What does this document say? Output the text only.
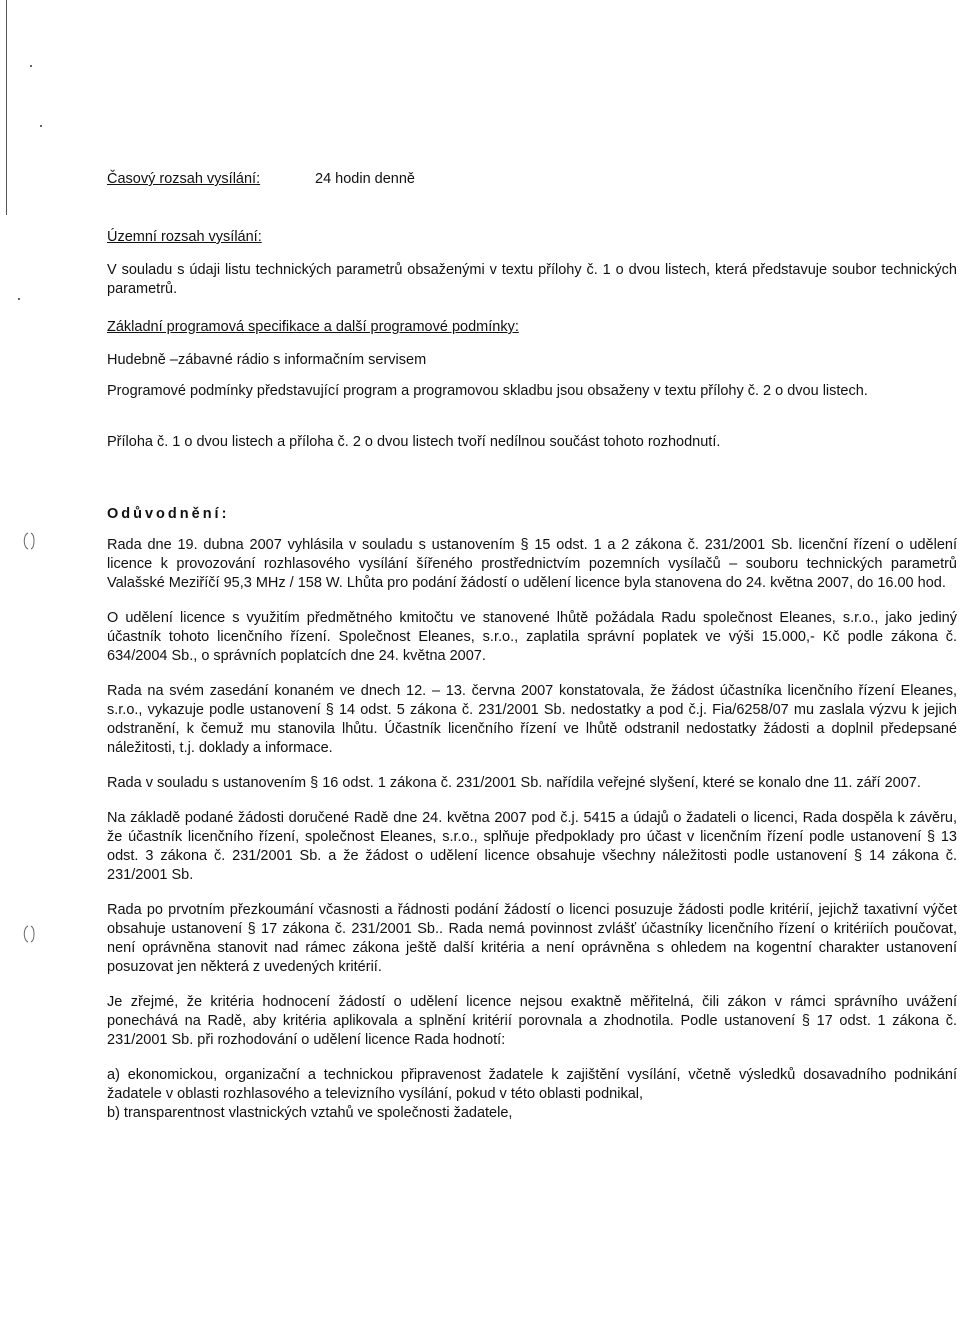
Časový rozsah vysílání:	24 hodin denně

Územní rozsah vysílání:

V souladu s údaji listu technických parametrů obsaženými v textu přílohy č. 1 o dvou listech, která představuje soubor technických parametrů.

Základní programová specifikace a další programové podmínky:

Hudebně –zábavné rádio s informačním servisem

Programové podmínky představující program a programovou skladbu jsou obsaženy v textu přílohy č. 2 o dvou listech.

Příloha č. 1 o dvou listech a příloha č. 2 o dvou listech tvoří nedílnou součást tohoto rozhodnutí.

Odůvodnění:

Rada dne 19. dubna 2007 vyhlásila v souladu s ustanovením § 15 odst. 1 a 2 zákona č. 231/2001 Sb. licenční řízení o udělení licence k provozování rozhlasového vysílání šířeného prostřednictvím pozemních vysílačů – souboru technických parametrů Valašské Meziříčí 95,3 MHz / 158 W. Lhůta pro podání žádostí o udělení licence byla stanovena do 24. května 2007, do 16.00 hod.

O udělení licence s využitím předmětného kmitočtu ve stanovené lhůtě požádala Radu společnost Eleanes, s.r.o., jako jediný účastník tohoto licenčního řízení. Společnost Eleanes, s.r.o., zaplatila správní poplatek ve výši 15.000,- Kč podle zákona č. 634/2004 Sb., o správních poplatcích dne 24. května 2007.

Rada na svém zasedání konaném ve dnech 12. – 13. června 2007 konstatovala, že žádost účastníka licenčního řízení Eleanes, s.r.o., vykazuje podle ustanovení § 14 odst. 5 zákona č. 231/2001 Sb. nedostatky a pod č.j. Fia/6258/07 mu zaslala výzvu k jejich odstranění, k čemuž mu stanovila lhůtu. Účastník licenčního řízení ve lhůtě odstranil nedostatky žádosti a doplnil předepsané náležitosti, t.j. doklady a informace.

Rada v souladu s ustanovením § 16 odst. 1 zákona č. 231/2001 Sb. nařídila veřejné slyšení, které se konalo dne 11. září 2007.

Na základě podané žádosti doručené Radě dne 24. května 2007 pod č.j. 5415 a údajů o žadateli o licenci, Rada dospěla k závěru, že účastník licenčního řízení, společnost Eleanes, s.r.o., splňuje předpoklady pro účast v licenčním řízení podle ustanovení § 13 odst. 3 zákona č. 231/2001 Sb. a že žádost o udělení licence obsahuje všechny náležitosti podle ustanovení § 14 zákona č. 231/2001 Sb.

Rada po prvotním přezkoumání včasnosti a řádnosti podání žádostí o licenci posuzuje žádosti podle kritérií, jejichž taxativní výčet obsahuje ustanovení § 17 zákona č. 231/2001 Sb.. Rada nemá povinnost zvlášť účastníky licenčního řízení o kritériích poučovat, není oprávněna stanovit nad rámec zákona ještě další kritéria a není oprávněna s ohledem na kogentní charakter ustanovení posuzovat jen některá z uvedených kritérií.

Je zřejmé, že kritéria hodnocení žádostí o udělení licence nejsou exaktně měřitelná, čili zákon v rámci správního uvážení ponechává na Radě, aby kritéria aplikovala a splnění kritérií porovnala a zhodnotila. Podle ustanovení § 17 odst. 1 zákona č. 231/2001 Sb. při rozhodování o udělení licence Rada hodnotí:

a) ekonomickou, organizační a technickou připravenost žadatele k zajištění vysílání, včetně výsledků dosavadního podnikání žadatele v oblasti rozhlasového a televizního vysílání, pokud v této oblasti podnikal,

b) transparentnost vlastnických vztahů ve společnosti žadatele,
